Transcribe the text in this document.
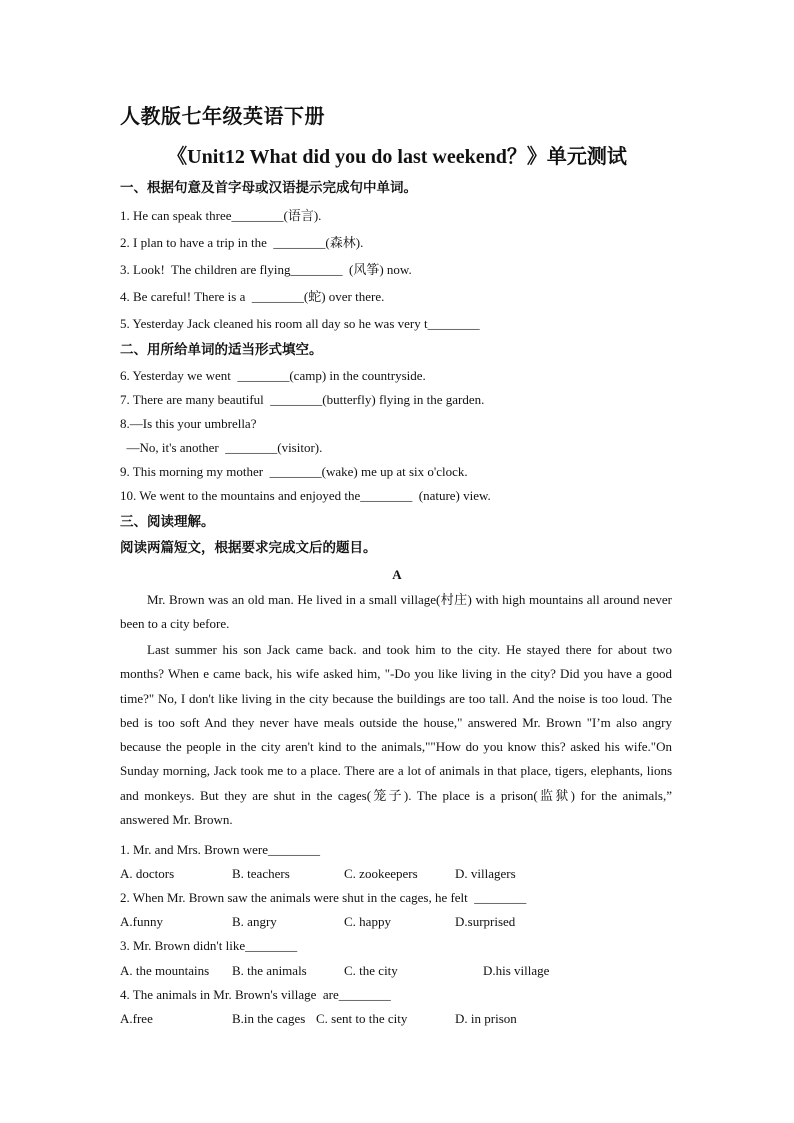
人教版七年级英语下册
《Unit12 What did you do last weekend？》单元测试
一、根据句意及首字母或汉语提示完成句中单词。
1. He can speak three________(语言).
2. I plan to have a trip in the  ________(森林).
3. Look!  The children are flying________  (风筝) now.
4. Be careful! There is a  ________(蛇) over there.
5. Yesterday Jack cleaned his room all day so he was very t________
二、用所给单词的适当形式填空。
6. Yesterday we went  ________(camp) in the countryside.
7. There are many beautiful  ________(butterfly) flying in the garden.
8.—Is this your umbrella?
—No, it's another  ________(visitor).
9. This morning my mother  ________(wake) me up at six o'clock.
10. We went to the mountains and enjoyed the________  (nature) view.
三、阅读理解。
阅读两篇短文，根据要求完成文后的题目。
A
Mr. Brown was an old man. He lived in a small village(村庄) with high mountains all around never been to a city before.
Last summer his son Jack came back. and took him to the city. He stayed there for about two months? When e came back, his wife asked him, "-Do you like living in the city? Did you have a good time?" No, I don't like living in the city because the buildings are too tall. And the noise is too loud. The bed is too soft And they never have meals outside the house," answered Mr. Brown "I’m also angry because the people in the city aren't kind to the animals,""How do you know this? asked his wife."On Sunday morning, Jack took me to a place. There are a lot of animals in that place, tigers, elephants, lions and monkeys. But they are shut in the cages(笼子). The place is a prison(监狱) for the animals,” answered Mr. Brown.
1. Mr. and Mrs. Brown were________
A. doctors	B. teachers	C. zookeepers	D. villagers
2. When Mr. Brown saw the animals were shut in the cages, he felt  ________
A.funny	B. angry	C. happy	D.surprised
3. Mr. Brown didn't like________
A. the mountains B. the animals	C. the city	D.his village
4. The animals in Mr. Brown's village  are________
A.free	B.in the cages C. sent to the city	D. in prison
